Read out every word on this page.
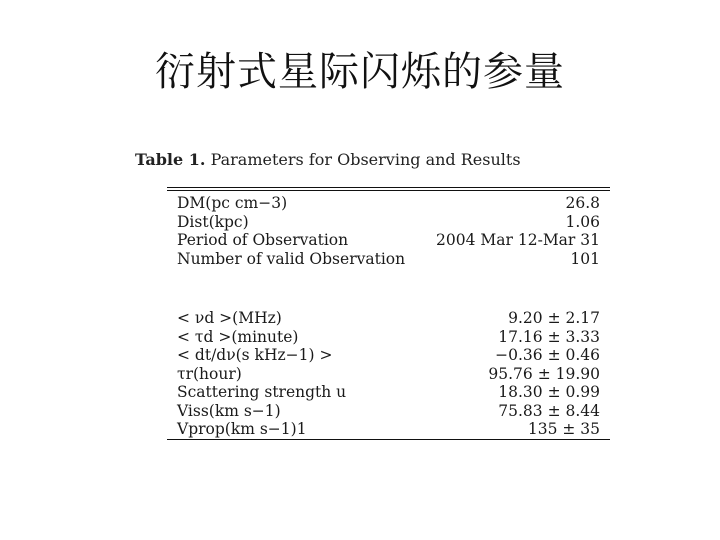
衍射式星际闪烁的参量
Table 1. Parameters for Observing and Results
DM(pc cm−3)	26.8
Dist(kpc)	1.06
Period of Observation	2004 Mar 12-Mar 31
Number of valid Observation	101
< νd >(MHz)	9.20 ± 2.17
< τd >(minute)	17.16 ± 3.33
< dt/dν(s kHz−1) >	−0.36 ± 0.46
τr(hour)	95.76 ± 19.90
Scattering strength u	18.30 ± 0.99
Viss(km s−1)	75.83 ± 8.44
Vprop(km s−1)1	135 ± 35
